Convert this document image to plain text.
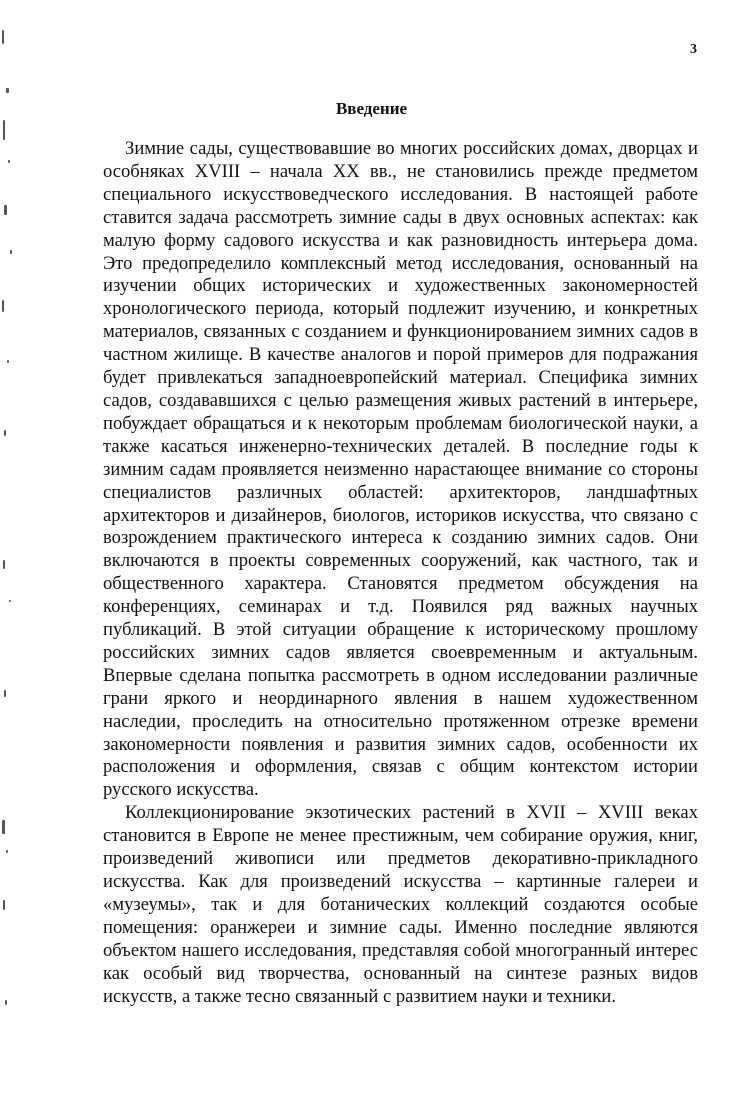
3
Введение

Зимние сады, существовавшие во многих российских домах, дворцах и особняках XVIII – начала XX вв., не становились прежде предметом специального искусствоведческого исследования. В настоящей работе ставится задача рассмотреть зимние сады в двух основных аспектах: как малую форму садового искусства и как разновидность интерьера дома. Это предопределило комплексный метод исследования, основанный на изучении общих исторических и художественных закономерностей хронологического периода, который подлежит изучению, и конкретных материалов, связанных с созданием и функционированием зимних садов в частном жилище. В качестве аналогов и порой примеров для подражания будет привлекаться западноевропейский материал. Специфика зимних садов, создававшихся с целью размещения живых растений в интерьере, побуждает обращаться и к некоторым проблемам биологической науки, а также касаться инженерно-технических деталей. В последние годы к зимним садам проявляется неизменно нарастающее внимание со стороны специалистов различных областей: архитекторов, ландшафтных архитекторов и дизайнеров, биологов, историков искусства, что связано с возрождением практического интереса к созданию зимних садов. Они включаются в проекты современных сооружений, как частного, так и общественного характера. Становятся предметом обсуждения на конференциях, семинарах и т.д. Появился ряд важных научных публикаций. В этой ситуации обращение к историческому прошлому российских зимних садов является своевременным и актуальным. Впервые сделана попытка рассмотреть в одном исследовании различные грани яркого и неординарного явления в нашем художественном наследии, проследить на относительно протяженном отрезке времени закономерности появления и развития зимних садов, особенности их расположения и оформления, связав с общим контекстом истории русского искусства.

Коллекционирование экзотических растений в XVII – XVIII веках становится в Европе не менее престижным, чем собирание оружия, книг, произведений живописи или предметов декоративно-прикладного искусства. Как для произведений искусства – картинные галереи и «музеумы», так и для ботанических коллекций создаются особые помещения: оранжереи и зимние сады. Именно последние являются объектом нашего исследования, представляя собой многогранный интерес как особый вид творчества, основанный на синтезе разных видов искусств, а также тесно связанный с развитием науки и техники.
